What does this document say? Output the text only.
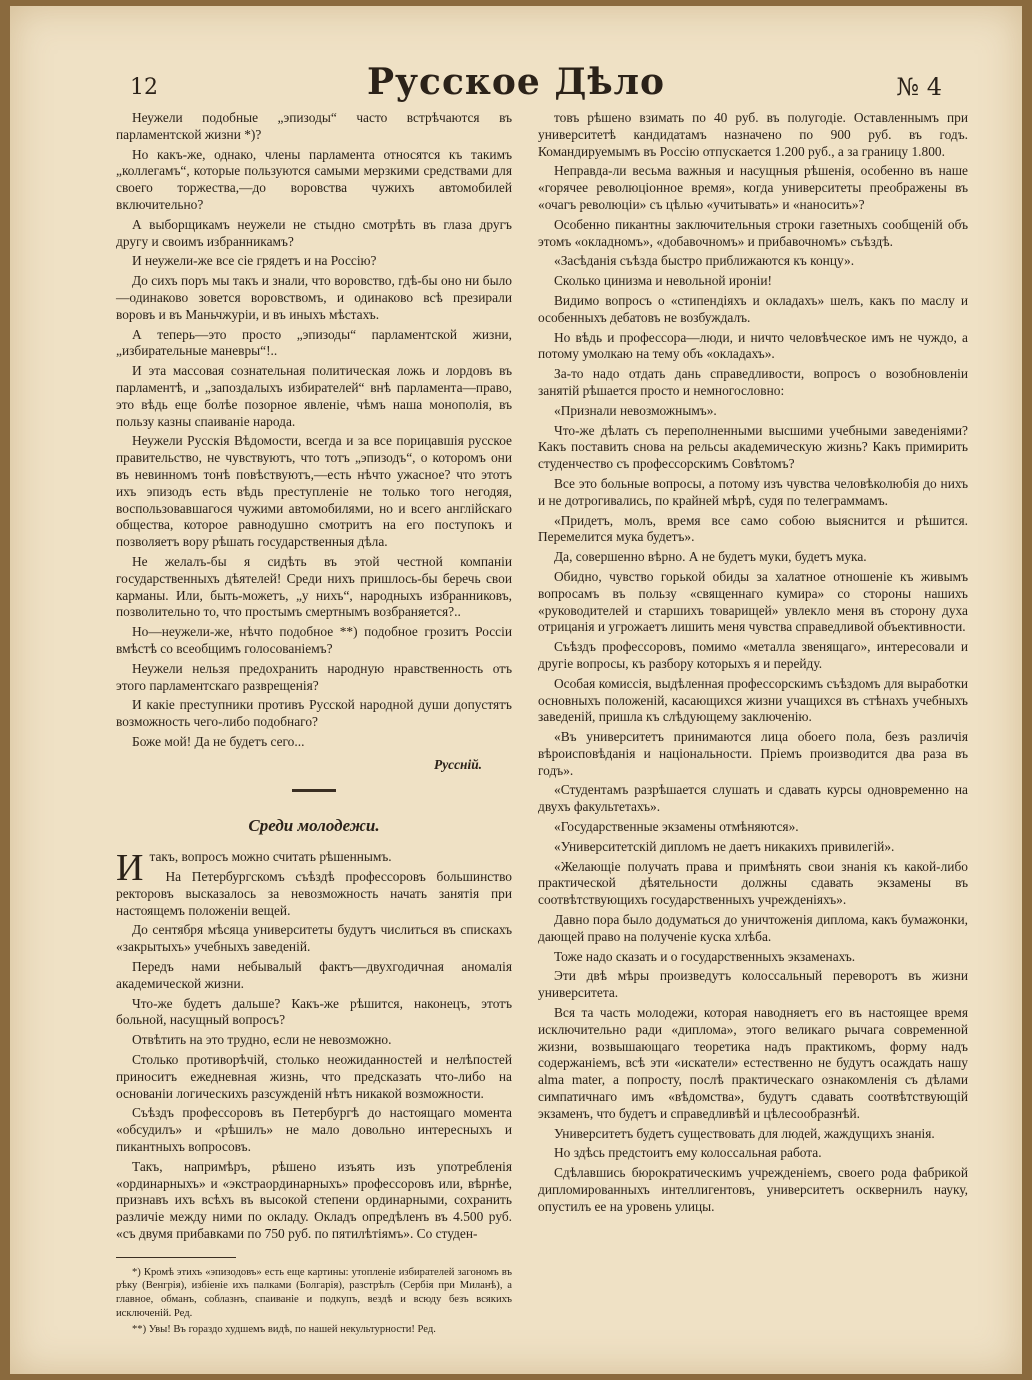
12	Русское Дѣло	№ 4

Неужели подобные „эпизоды“ часто встрѣчаются въ парламентской жизни *)?

Но какъ-же, однако, члены парламента относятся къ такимъ „коллегамъ“, которые пользуются самыми мерзкими средствами для своего торжества,—до воровства чужихъ автомобилей включительно?

А выборщикамъ неужели не стыдно смотрѣть въ глаза другъ другу и своимъ избранникамъ?

И неужели-же все сіе грядетъ и на Россію?

До сихъ поръ мы такъ и знали, что воровство, гдѣ-бы оно ни было—одинаково зовется воровствомъ, и одинаково всѣ презирали воровъ и въ Маньчжуріи, и въ иныхъ мѣстахъ.

А теперь—это просто „эпизоды“ парламентской жизни, „избирательные маневры“!..

И эта массовая сознательная политическая ложь и лордовъ въ парламентѣ, и „запоздалыхъ избирателей“ внѣ парламента—право, это вѣдь еще болѣе позорное явленіе, чѣмъ наша монополія, въ пользу казны спаиваніе народа.

Неужели Русскія Вѣдомости, всегда и за все порицавшія русское правительство, не чувствуютъ, что тотъ „эпизодъ“, о которомъ они въ невинномъ тонѣ повѣствуютъ,—есть нѣчто ужасное? что этотъ ихъ эпизодъ есть вѣдь преступленіе не только того негодяя, воспользовавшагося чужими автомобилями, но и всего англійскаго общества, которое равнодушно смотритъ на его поступокъ и позволяетъ вору рѣшать государственныя дѣла.

Не желалъ-бы я сидѣть въ этой честной компаніи государственныхъ дѣятелей! Среди нихъ пришлось-бы беречь свои карманы. Или, быть-можетъ, „у нихъ“, народныхъ избранниковъ, позволительно то, что простымъ смертнымъ возбраняется?..

Но—неужели-же, нѣчто подобное **) подобное грозитъ Россіи вмѣстѣ со всеобщимъ голосованіемъ?

Неужели нельзя предохранить народную нравственность отъ этого парламентскаго разврещенія?

И какіе преступники противъ Русской народной души допустятъ возможность чего-либо подобнаго?

Боже мой! Да не будетъ сего...

Руссній.
Среди молодежи.

Итакъ, вопросъ можно считать рѣшеннымъ.

На Петербургскомъ съѣздѣ профессоровъ большинство ректоровъ высказалось за невозможность начать занятія при настоящемъ положеніи вещей.

До сентября мѣсяца университеты будутъ числиться въ спискахъ «закрытыхъ» учебныхъ заведеній.

Передъ нами небывалый фактъ—двухгодичная аномалія академической жизни.

Что-же будетъ дальше? Какъ-же рѣшится, наконецъ, этотъ больной, насущный вопросъ?

Отвѣтить на это трудно, если не невозможно.

Столько противорѣчій, столько неожиданностей и нелѣпостей приноситъ ежедневная жизнь, что предсказать что-либо на основаніи логическихъ разсужденій нѣтъ никакой возможности.

Съѣздъ профессоровъ въ Петербургѣ до настоящаго момента «обсудилъ» и «рѣшилъ» не мало довольно интересныхъ и пикантныхъ вопросовъ.

Такъ, напримѣръ, рѣшено изъять изъ употребленія «ординарныхъ» и «экстраординарныхъ» профессоровъ или, вѣрнѣе, признавъ ихъ всѣхъ въ высокой степени ординарными, сохранить различіе между ними по окладу. Окладъ опредѣленъ въ 4.500 руб. «съ двумя прибавками по 750 руб. по пятилѣтіямъ». Со студен-

*) Кромѣ этихъ «эпизодовъ» есть еще картины: утопленіе избирателей загономъ въ рѣку (Венгрія), избіеніе ихъ палками (Болгарія), разстрѣлъ (Сербія при Миланѣ), а главное, обманъ, соблазнъ, спаиваніе и подкупъ, вездѣ и всюду безъ всякихъ исключеній. Ред.

**) Увы! Въ гораздо худшемъ видѣ, по нашей некультурности! Ред.

товъ рѣшено взимать по 40 руб. въ полугодіе. Оставленнымъ при университетѣ кандидатамъ назначено по 900 руб. въ годъ. Командируемымъ въ Россію отпускается 1.200 руб., а за границу 1.800.

Неправда-ли весьма важныя и насущныя рѣшенія, особенно въ наше «горячее революціонное время», когда университеты преображены въ «очагъ революціи» съ цѣлью «учитывать» и «наносить»?

Особенно пикантны заключительныя строки газетныхъ сообщеній объ этомъ «окладномъ», «добавочномъ» и прибавочномъ» съѣздѣ.

«Засѣданія съѣзда быстро приближаются къ концу».

Сколько цинизма и невольной ироніи!

Видимо вопросъ о «стипендіяхъ и окладахъ» шелъ, какъ по маслу и особенныхъ дебатовъ не возбуждалъ.

Но вѣдь и профессора—люди, и ничто человѣческое имъ не чуждо, а потому умолкаю на тему объ «окладахъ».

За-то надо отдать дань справедливости, вопросъ о возобновленіи занятій рѣшается просто и немногословно:

«Признали невозможнымъ».

Что-же дѣлать съ переполненными высшими учебными заведеніями? Какъ поставить снова на рельсы академическую жизнь? Какъ примирить студенчество съ профессорскимъ Совѣтомъ?

Все это больные вопросы, а потому изъ чувства человѣколюбія до нихъ и не дотрогивались, по крайней мѣрѣ, судя по телеграммамъ.

«Придетъ, молъ, время все само собою выяснится и рѣшится. Перемелится мука будетъ».

Да, совершенно вѣрно. А не будетъ муки, будетъ мука.

Обидно, чувство горькой обиды за халатное отношеніе къ живымъ вопросамъ въ пользу «священнаго кумира» со стороны нашихъ «руководителей и старшихъ товарищей» увлекло меня въ сторону духа отрицанія и угрожаетъ лишить меня чувства справедливой объективности.

Съѣздъ профессоровъ, помимо «металла звенящаго», интересовали и другіе вопросы, къ разбору которыхъ я и перейду.

Особая комиссія, выдѣленная профессорскимъ съѣздомъ для выработки основныхъ положеній, касающихся жизни учащихся въ стѣнахъ учебныхъ заведеній, пришла къ слѣдующему заключенію.

«Въ университетъ принимаются лица обоего пола, безъ различія вѣроисповѣданія и національности. Пріемъ производится два раза въ годъ».

«Студентамъ разрѣшается слушать и сдавать курсы одновременно на двухъ факультетахъ».

«Государственные экзамены отмѣняются».

«Университетскій дипломъ не даетъ никакихъ привилегій».

«Желающіе получать права и примѣнять свои знанія къ какой-либо практической дѣятельности должны сдавать экзамены въ соотвѣтствующихъ государственныхъ учрежденіяхъ».

Давно пора было додуматься до уничтоженія диплома, какъ бумажонки, дающей право на полученіе куска хлѣба.

Тоже надо сказать и о государственныхъ экзаменахъ.

Эти двѣ мѣры произведутъ колоссальный переворотъ въ жизни университета.

Вся та часть молодежи, которая наводняетъ его въ настоящее время исключительно ради «диплома», этого великаго рычага современной жизни, возвышающаго теоретика надъ практикомъ, форму надъ содержаніемъ, всѣ эти «искатели» естественно не будутъ осаждать нашу alma mater, а попросту, послѣ практическаго ознакомленія съ дѣлами симпатичнаго имъ «вѣдомства», будутъ сдавать соотвѣтствующій экзаменъ, что будетъ и справедливѣй и цѣлесообразнѣй.

Университетъ будетъ существовать для людей, жаждущихъ знанія.

Но здѣсь предстоитъ ему колоссальная работа.

Сдѣлавшись бюрократическимъ учрежденіемъ, своего рода фабрикой дипломированныхъ интеллигентовъ, университетъ осквернилъ науку, опустилъ ее на уровень улицы.
